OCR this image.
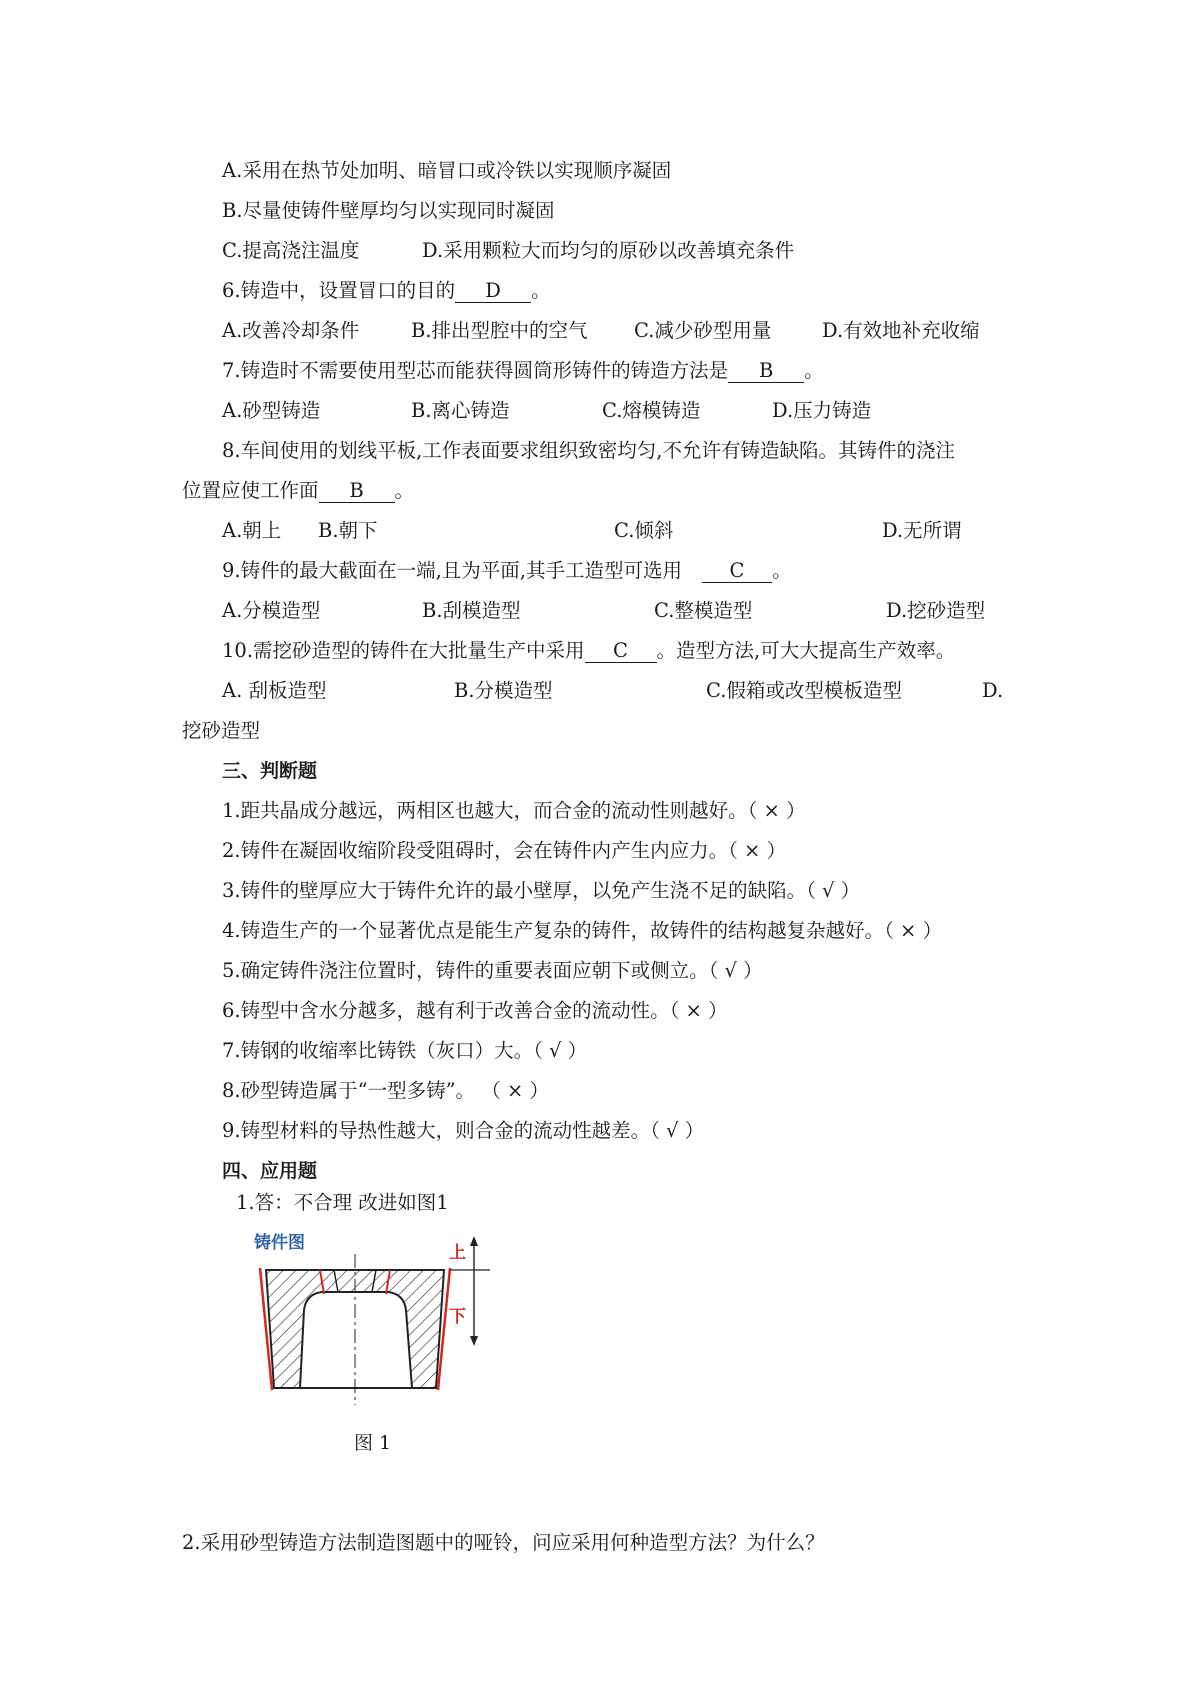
A.采用在热节处加明、暗冒口或冷铁以实现顺序凝固
B.尽量使铸件壁厚均匀以实现同时凝固
C.提高浇注温度	D.采用颗粒大而均匀的原砂以改善填充条件
6.铸造中，设置冒口的目的 D 。
A.改善冷却条件	B.排出型腔中的空气 C.减少砂型用量	D.有效地补充收缩
7.铸造时不需要使用型芯而能获得圆筒形铸件的铸造方法是 B 。
A.砂型铸造	B.离心铸造	C.熔模铸造	D.压力铸造
8.车间使用的划线平板,工作表面要求组织致密均匀,不允许有铸造缺陷。其铸件的浇注
位置应使工作面 B 。
A.朝上 B.朝下	C.倾斜	D.无所谓
9.铸件的最大截面在一端,且为平面,其手工造型可选用 C 。
A.分模造型	B.刮模造型	C.整模造型	D.挖砂造型
10.需挖砂造型的铸件在大批量生产中采用 C 。造型方法,可大大提高生产效率。
A. 刮板造型	B.分模造型	C.假箱或改型模板造型	D.
挖砂造型
三、判断题
1.距共晶成分越远，两相区也越大，而合金的流动性则越好。（ × ）
2.铸件在凝固收缩阶段受阻碍时，会在铸件内产生内应力。（ × ）
3.铸件的壁厚应大于铸件允许的最小壁厚，以免产生浇不足的缺陷。（ √ ）
4.铸造生产的一个显著优点是能生产复杂的铸件，故铸件的结构越复杂越好。（ × ）
5.确定铸件浇注位置时，铸件的重要表面应朝下或侧立。（ √ ）
6.铸型中含水分越多，越有利于改善合金的流动性。（ × ）
7.铸钢的收缩率比铸铁（灰口）大。（ √ ）
8.砂型铸造属于“一型多铸”。 （ × ）
9.铸型材料的导热性越大，则合金的流动性越差。（ √ ）
四、应用题
1.答：不合理 改进如图1
铸件图	上
下
图 1
2.采用砂型铸造方法制造图题中的哑铃，问应采用何种造型方法？为什么？
